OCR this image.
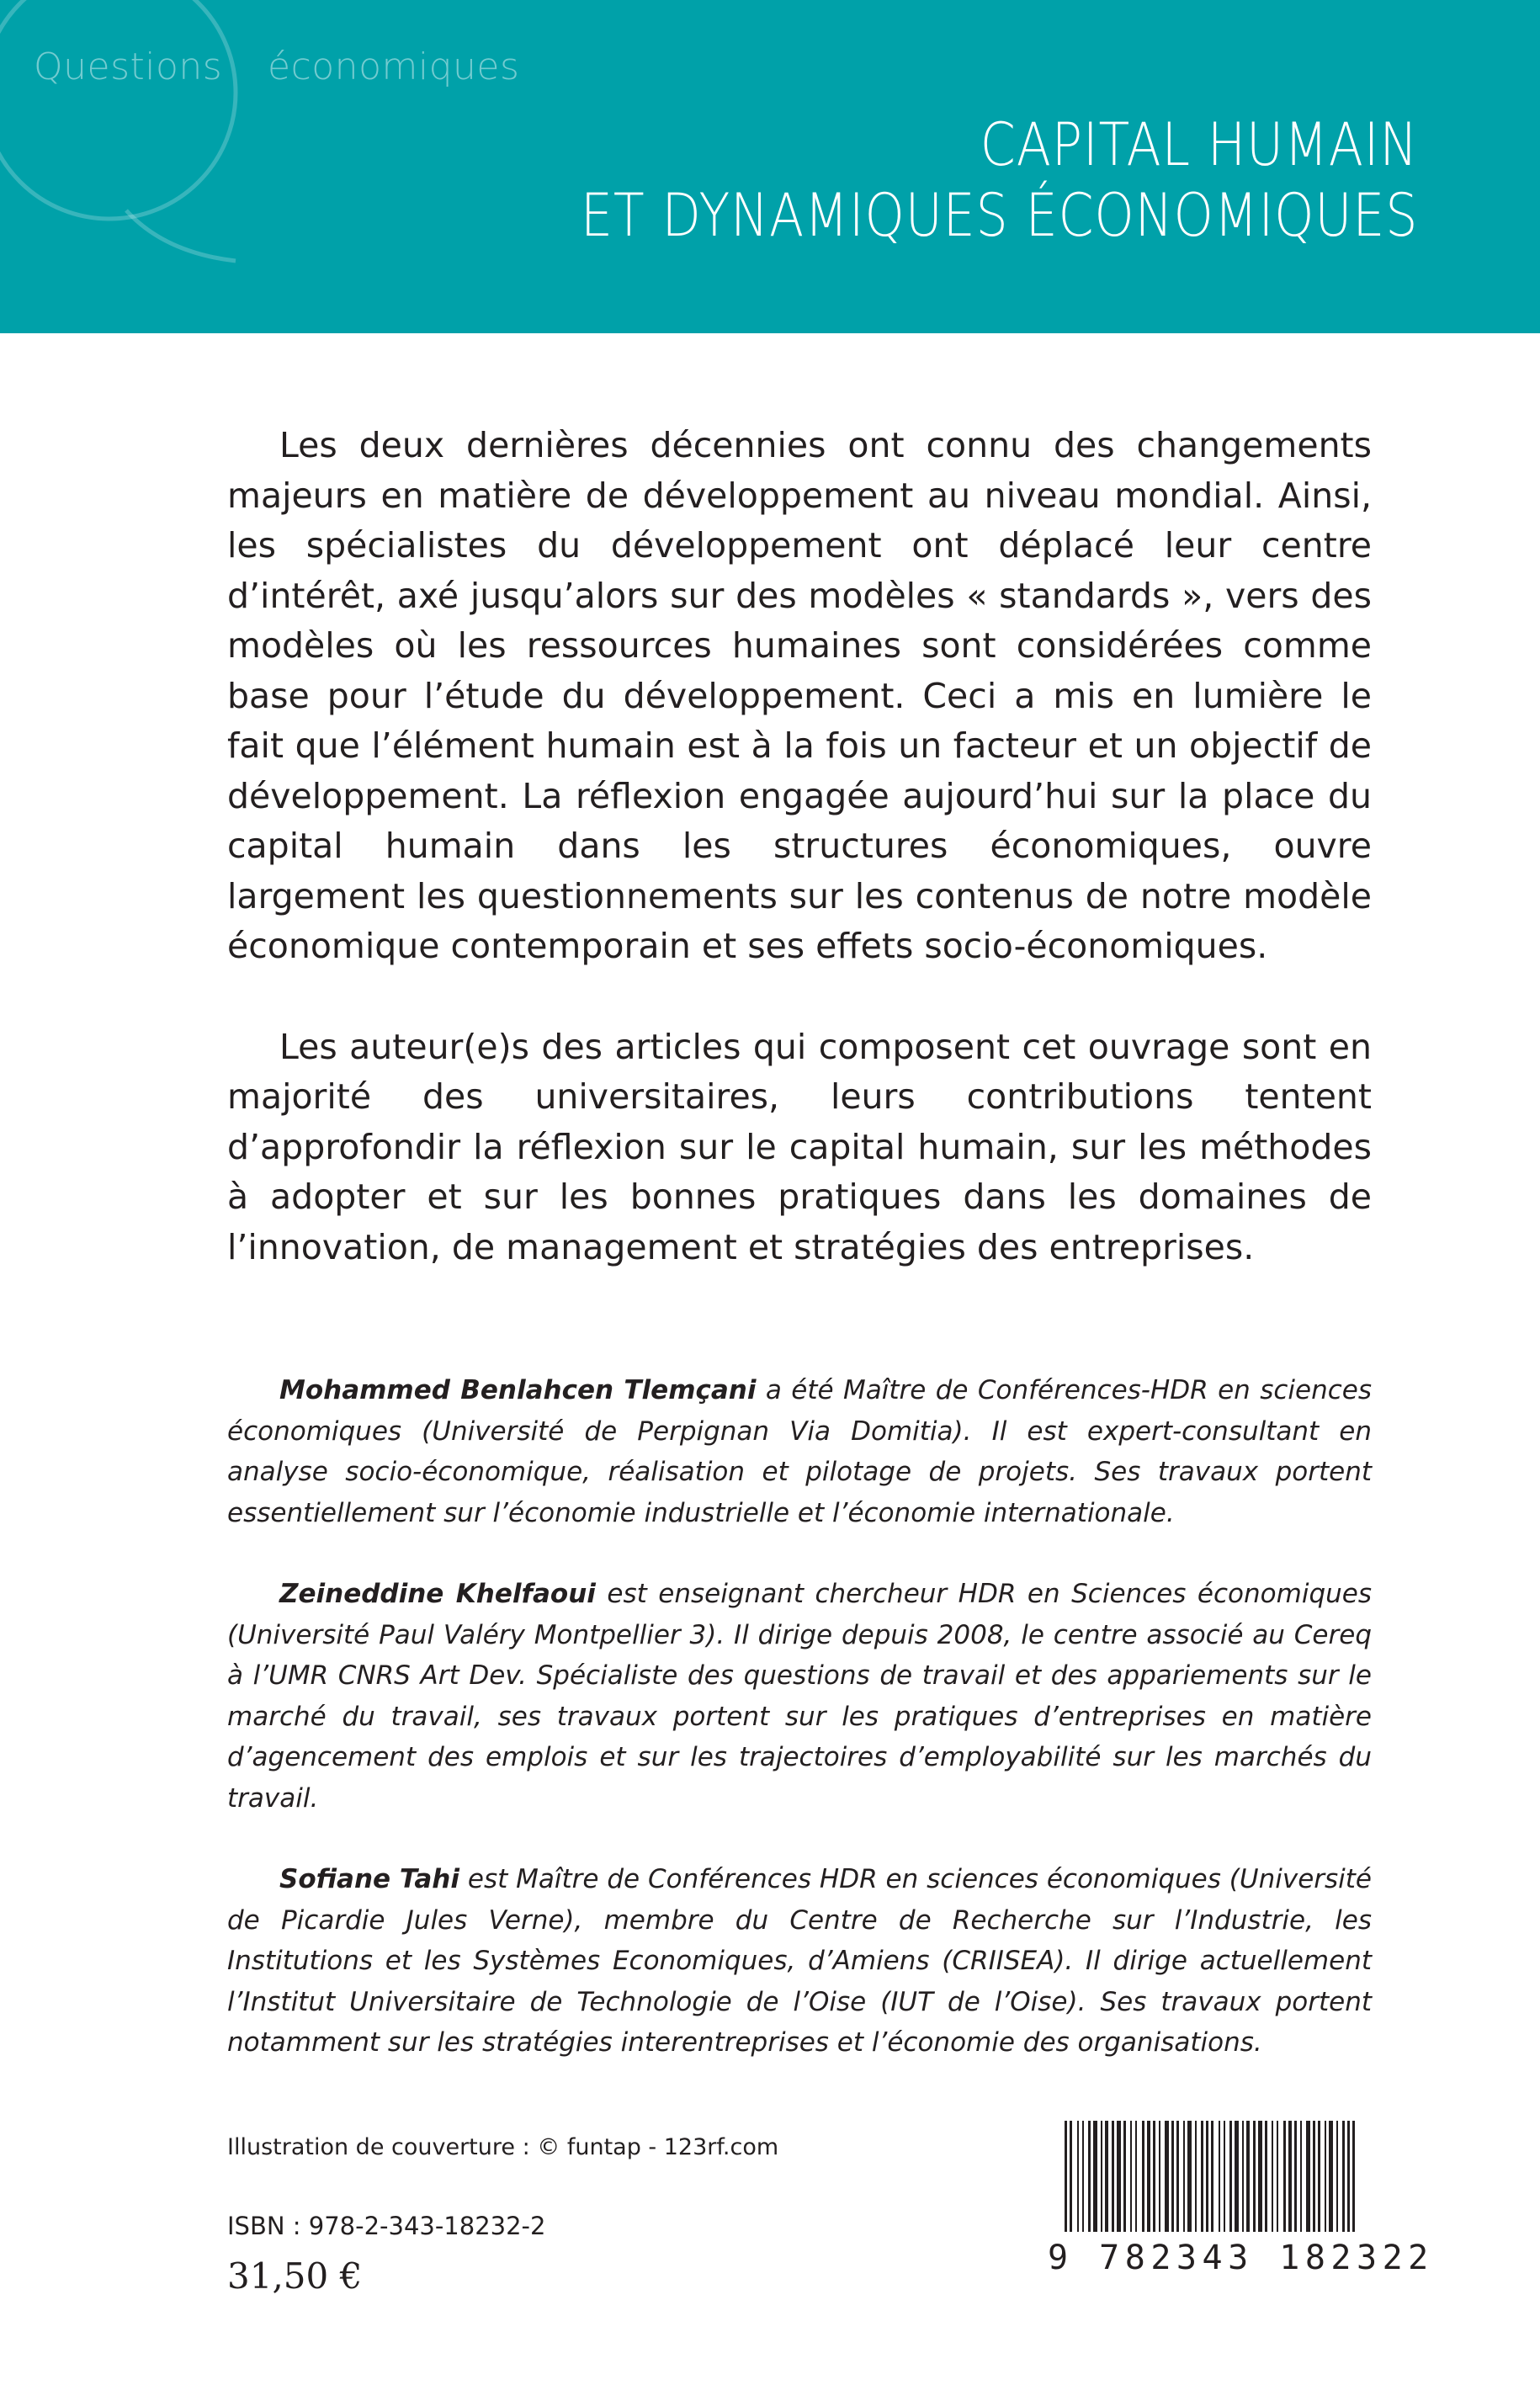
Questions économiques
CAPITAL HUMAIN
ET DYNAMIQUES ÉCONOMIQUES

Les deux dernières décennies ont connu des changements majeurs en matière de développement au niveau mondial. Ainsi, les spécialistes du développement ont déplacé leur centre d’intérêt, axé jusqu’alors sur des modèles « standards », vers des modèles où les ressources humaines sont considérées comme base pour l’étude du développement. Ceci a mis en lumière le fait que l’élément humain est à la fois un facteur et un objectif de développement. La réflexion engagée aujourd’hui sur la place du capital humain dans les structures économiques, ouvre largement les questionnements sur les contenus de notre modèle économique contemporain et ses effets socio-économiques.

Les auteur(e)s des articles qui composent cet ouvrage sont en majorité des universitaires, leurs contributions tentent d’approfondir la réflexion sur le capital humain, sur les méthodes à adopter et sur les bonnes pratiques dans les domaines de l’innovation, de management et stratégies des entreprises.

Mohammed Benlahcen Tlemçani a été Maître de Conférences-HDR en sciences économiques (Université de Perpignan Via Domitia). Il est expert-consultant en analyse socio-économique, réalisation et pilotage de projets. Ses travaux portent essentiellement sur l’économie industrielle et l’économie internationale.

Zeineddine Khelfaoui est enseignant chercheur HDR en Sciences économiques (Université Paul Valéry Montpellier 3). Il dirige depuis 2008, le centre associé au Cereq à l’UMR CNRS Art Dev. Spécialiste des questions de travail et des appariements sur le marché du travail, ses travaux portent sur les pratiques d’entreprises en matière d’agencement des emplois et sur les trajectoires d’employabilité sur les marchés du travail.

Sofiane Tahi est Maître de Conférences HDR en sciences économiques (Université de Picardie Jules Verne), membre du Centre de Recherche sur l’Industrie, les Institutions et les Systèmes Economiques, d’Amiens (CRIISEA). Il dirige actuellement l’Institut Universitaire de Technologie de l’Oise (IUT de l’Oise). Ses travaux portent notamment sur les stratégies interentreprises et l’économie des organisations.

Illustration de couverture : © funtap - 123rf.com
ISBN : 978-2-343-18232-2
31,50 €	9 782343 182322
